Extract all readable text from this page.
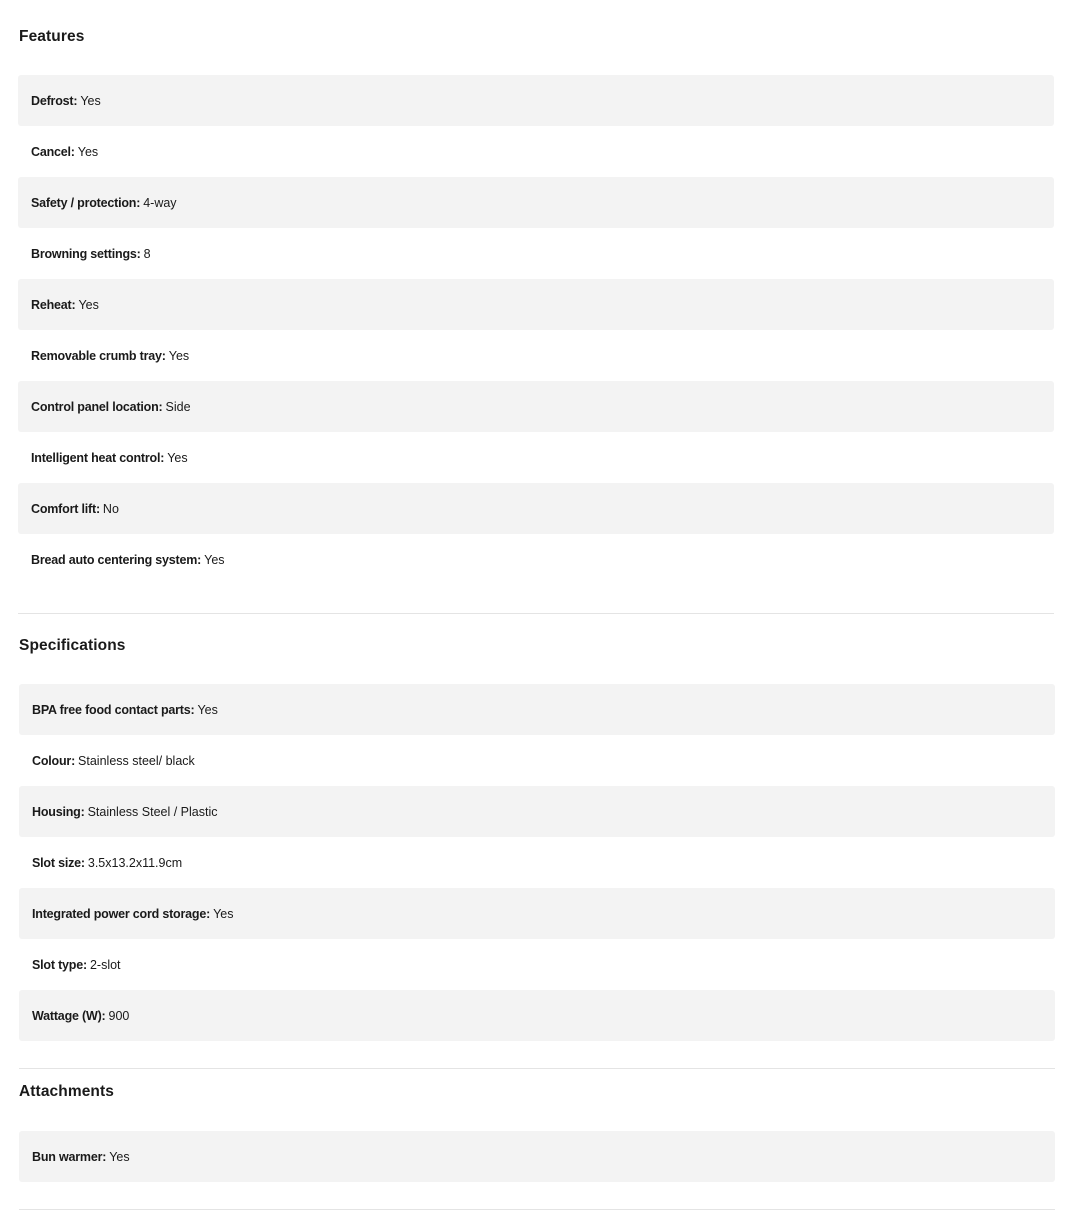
Features
Defrost: Yes
Cancel: Yes
Safety / protection: 4-way
Browning settings: 8
Reheat: Yes
Removable crumb tray: Yes
Control panel location: Side
Intelligent heat control: Yes
Comfort lift: No
Bread auto centering system: Yes
Specifications
BPA free food contact parts: Yes
Colour: Stainless steel/ black
Housing: Stainless Steel / Plastic
Slot size: 3.5x13.2x11.9cm
Integrated power cord storage: Yes
Slot type: 2-slot
Wattage (W): 900
Attachments
Bun warmer: Yes
